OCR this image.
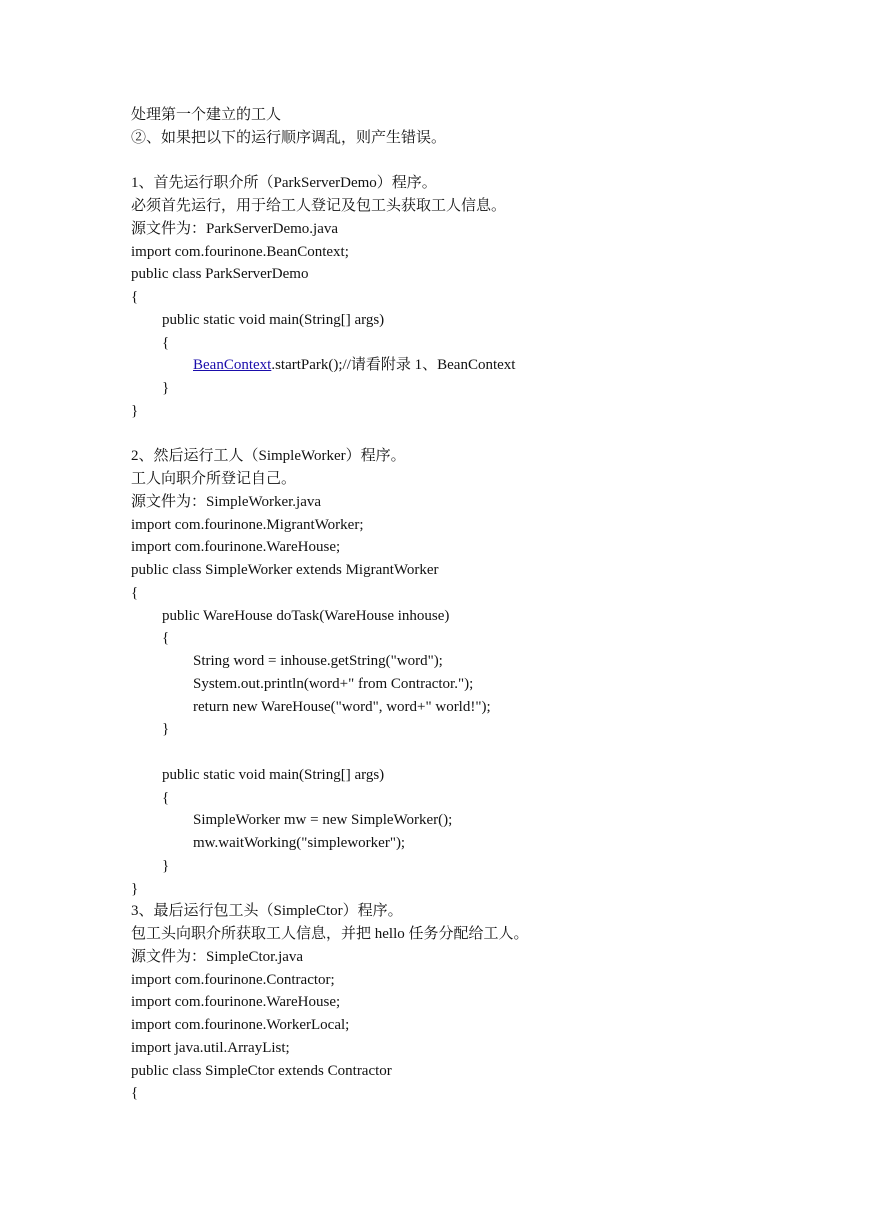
处理第一个建立的工人
②、如果把以下的运行顺序调乱，则产生错误。
1、首先运行职介所（ParkServerDemo）程序。
必须首先运行，用于给工人登记及包工头获取工人信息。
源文件为：ParkServerDemo.java
import com.fourinone.BeanContext;
public class ParkServerDemo
{
public static void main(String[] args)
{
BeanContext.startPark();//请看附录 1、BeanContext
}
}
2、然后运行工人（SimpleWorker）程序。
工人向职介所登记自己。
源文件为：SimpleWorker.java
import com.fourinone.MigrantWorker;
import com.fourinone.WareHouse;
public class SimpleWorker extends MigrantWorker
{
public WareHouse doTask(WareHouse inhouse)
{
String word = inhouse.getString("word");
System.out.println(word+" from Contractor.");
return new WareHouse("word", word+" world!");
}
public static void main(String[] args)
{
SimpleWorker mw = new SimpleWorker();
mw.waitWorking("simpleworker");
}
}
3、最后运行包工头（SimpleCtor）程序。
包工头向职介所获取工人信息，并把 hello 任务分配给工人。
源文件为：SimpleCtor.java
import com.fourinone.Contractor;
import com.fourinone.WareHouse;
import com.fourinone.WorkerLocal;
import java.util.ArrayList;
public class SimpleCtor extends Contractor
{
